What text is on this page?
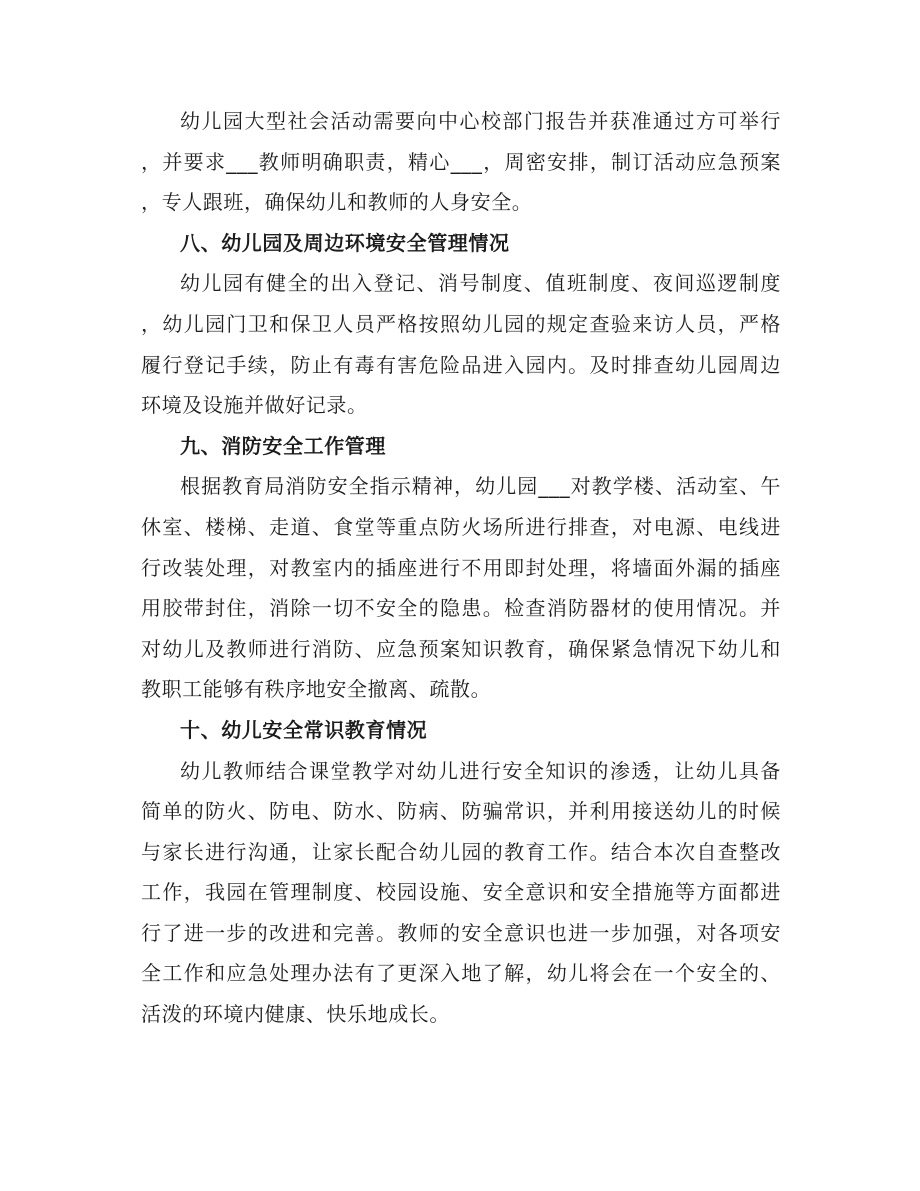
幼儿园大型社会活动需要向中心校部门报告并获准通过方可举行
，并要求___教师明确职责，精心___，周密安排，制订活动应急预案
，专人跟班，确保幼儿和教师的人身安全。
八、幼儿园及周边环境安全管理情况
幼儿园有健全的出入登记、消号制度、值班制度、夜间巡逻制度
，幼儿园门卫和保卫人员严格按照幼儿园的规定查验来访人员，严格
履行登记手续，防止有毒有害危险品进入园内。及时排查幼儿园周边
环境及设施并做好记录。
九、消防安全工作管理
根据教育局消防安全指示精神，幼儿园___对教学楼、活动室、午
休室、楼梯、走道、食堂等重点防火场所进行排查，对电源、电线进
行改装处理，对教室内的插座进行不用即封处理，将墙面外漏的插座
用胶带封住，消除一切不安全的隐患。检查消防器材的使用情况。并
对幼儿及教师进行消防、应急预案知识教育，确保紧急情况下幼儿和
教职工能够有秩序地安全撤离、疏散。
十、幼儿安全常识教育情况
幼儿教师结合课堂教学对幼儿进行安全知识的渗透，让幼儿具备
简单的防火、防电、防水、防病、防骗常识，并利用接送幼儿的时候
与家长进行沟通，让家长配合幼儿园的教育工作。结合本次自查整改
工作，我园在管理制度、校园设施、安全意识和安全措施等方面都进
行了进一步的改进和完善。教师的安全意识也进一步加强，对各项安
全工作和应急处理办法有了更深入地了解，幼儿将会在一个安全的、
活泼的环境内健康、快乐地成长。
